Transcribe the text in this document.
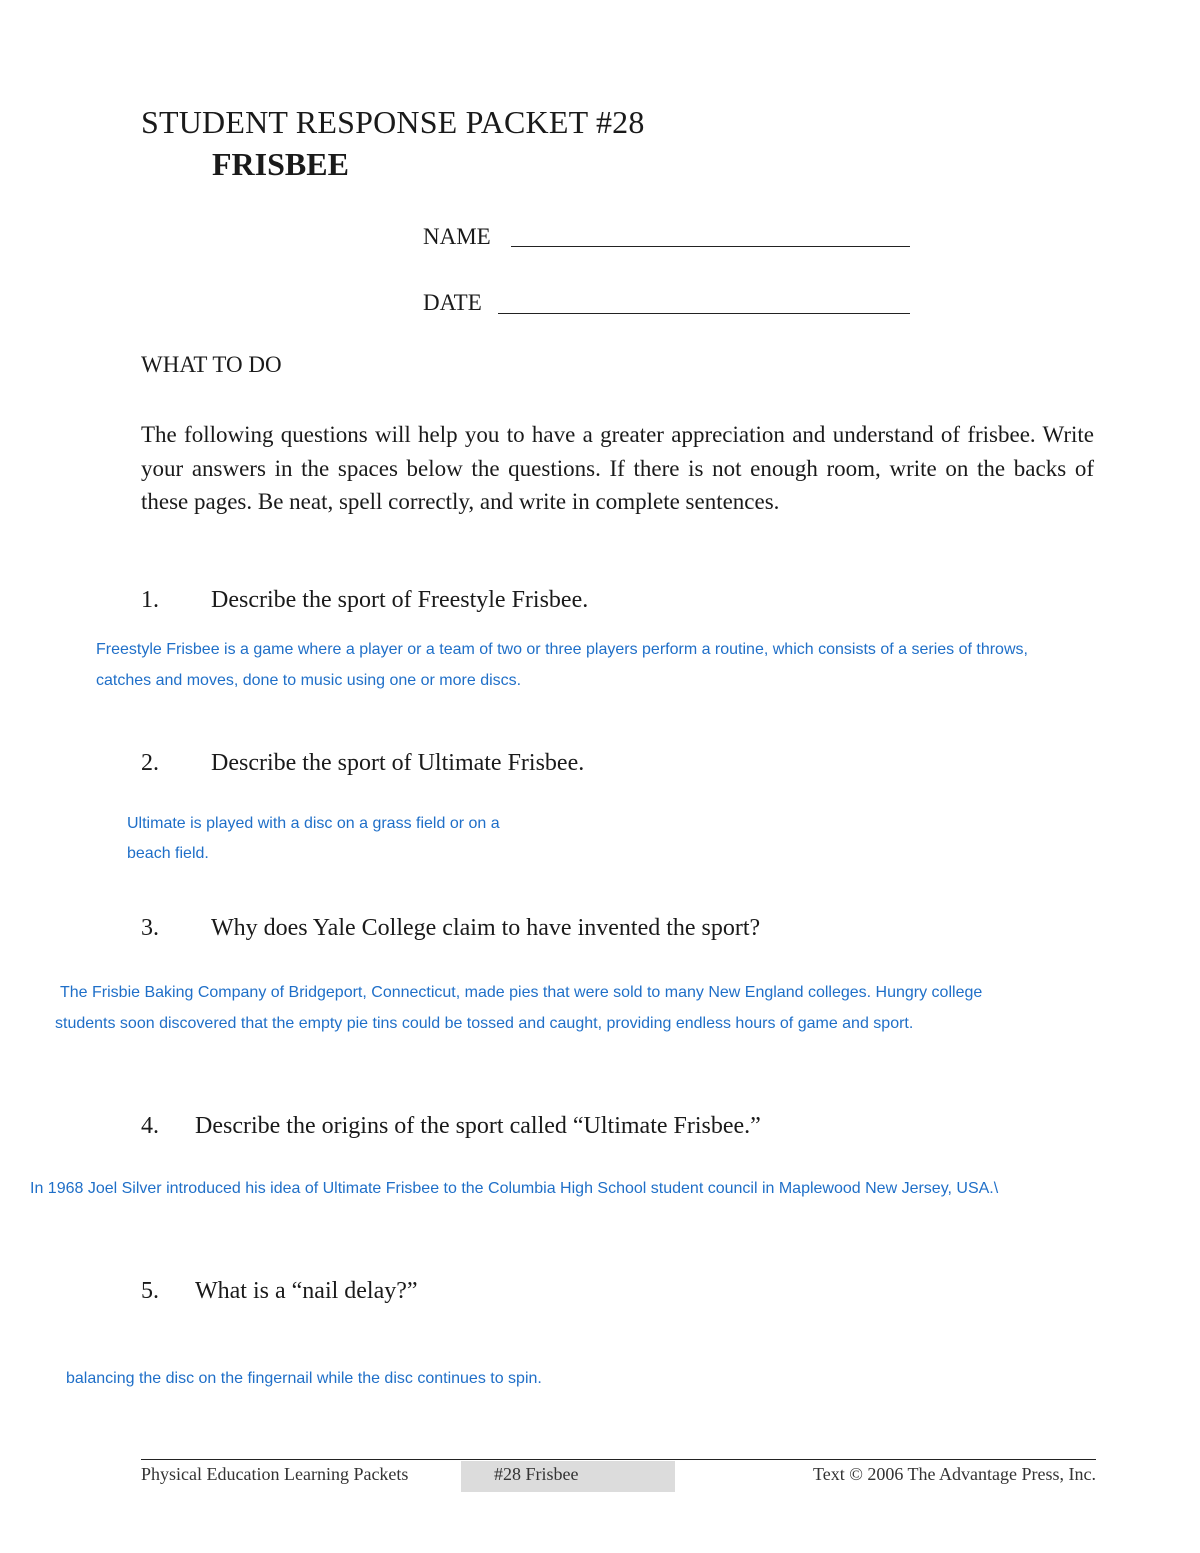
STUDENT RESPONSE PACKET #28
FRISBEE
NAME
DATE
WHAT TO DO
The following questions will help you to have a greater appreciation and understand of frisbee. Write your answers in the spaces below the questions. If there is not enough room, write on the backs of these pages. Be neat, spell correctly, and write in complete sentences.
1. Describe the sport of Freestyle Frisbee.
Freestyle Frisbee is a game where a player or a team of two or three players perform a routine, which consists of a series of throws,
catches and moves, done to music using one or more discs.
2. Describe the sport of Ultimate Frisbee.
Ultimate is played with a disc on a grass field or on a
beach field.
3. Why does Yale College claim to have invented the sport?
The Frisbie Baking Company of Bridgeport, Connecticut, made pies that were sold to many New England colleges. Hungry college
students soon discovered that the empty pie tins could be tossed and caught, providing endless hours of game and sport.
4. Describe the origins of the sport called “Ultimate Frisbee.”
In 1968 Joel Silver introduced his idea of Ultimate Frisbee to the Columbia High School student council in Maplewood New Jersey, USA.\
5. What is a “nail delay?”
balancing the disc on the fingernail while the disc continues to spin.
Physical Education Learning Packets	#28 Frisbee	Text © 2006 The Advantage Press, Inc.
